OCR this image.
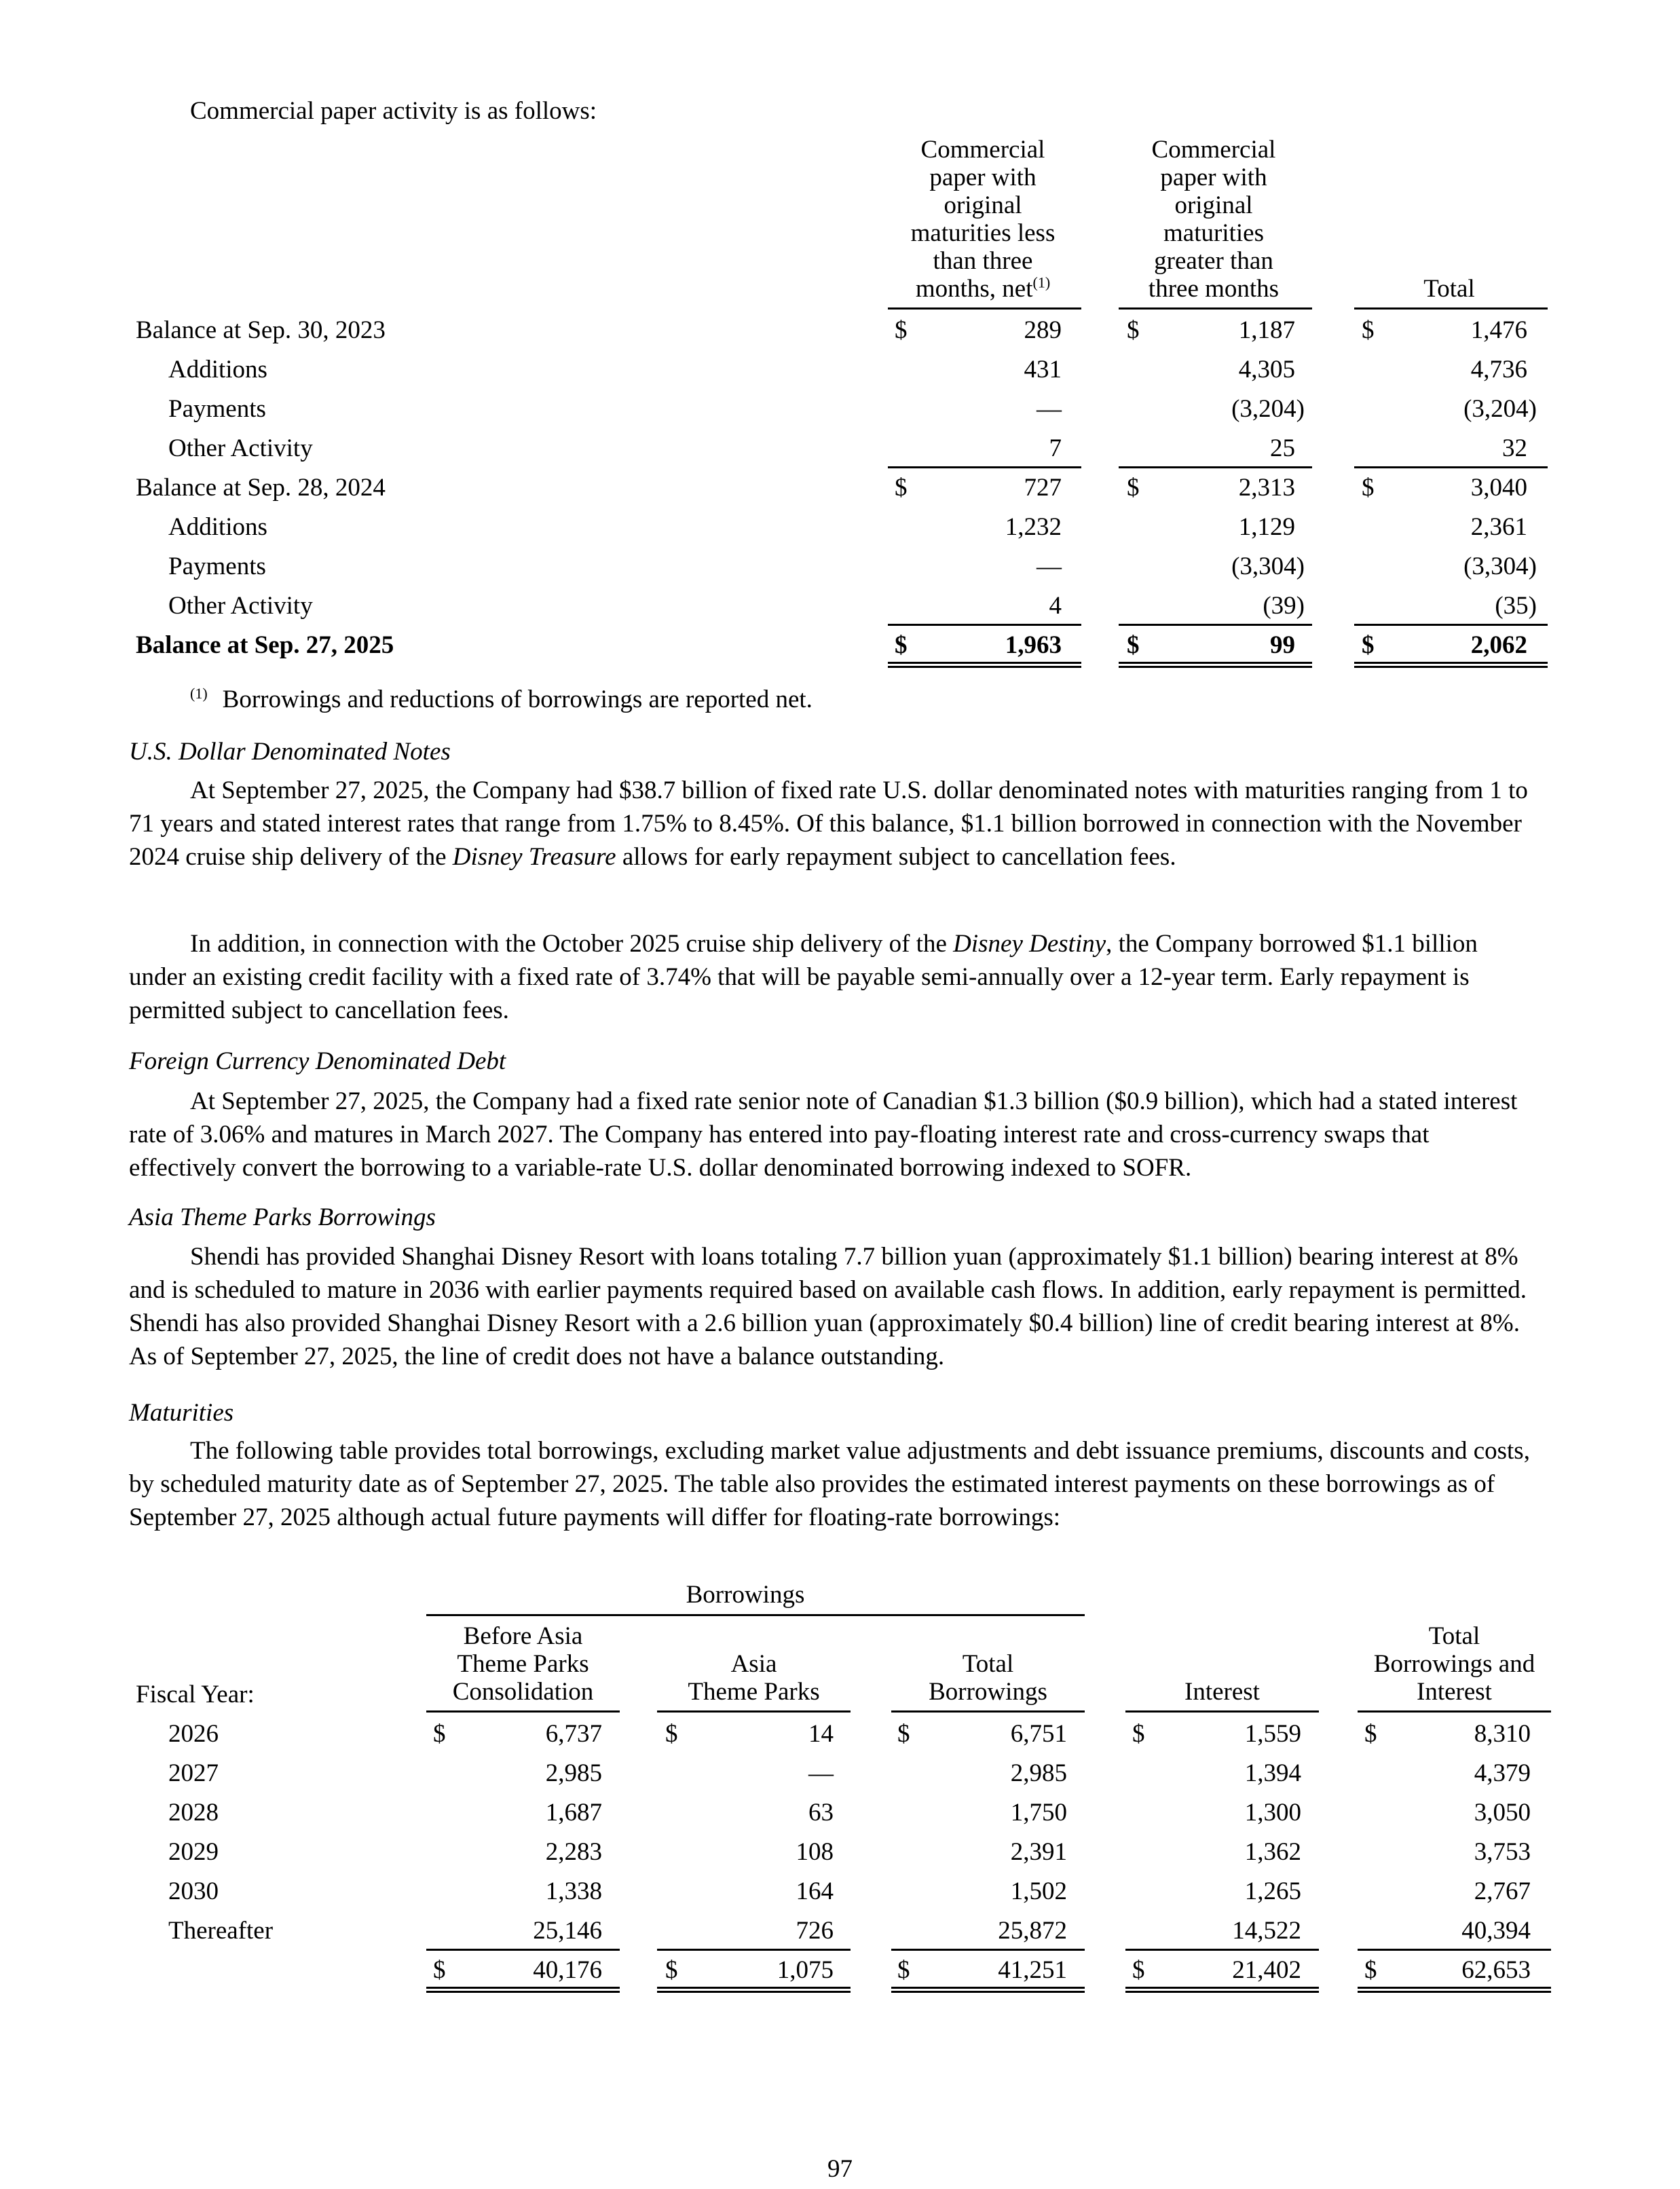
Commercial paper activity is as follows:
Commercial
paper with
original
maturities less
than three
months, net$^{(1)}$
Commercial
paper with
original
maturities
greater than
three months	Total
Balance at Sep. 30, 2023	$	289	$	1,187	$	1,476
Additions	431	4,305	4,736
Payments	—	(3,204)	(3,204)
Other Activity	7	25	32
Balance at Sep. 28, 2024	$	727	$	2,313	$	3,040
Additions	1,232	1,129	2,361
Payments	—	(3,304)	(3,304)
Other Activity	4	(39)	(35)
Balance at Sep. 27, 2025	$	1,963	$	99	$	2,062
$^{(1)}$ Borrowings and reductions of borrowings are reported net.
U.S. Dollar Denominated Notes
At September 27, 2025, the Company had $38.7 billion of fixed rate U.S. dollar denominated notes with maturities ranging from 1 to 71 years and stated interest rates that range from 1.75% to 8.45%. Of this balance, $1.1 billion borrowed in connection with the November 2024 cruise ship delivery of the Disney Treasure allows for early repayment subject to cancellation fees.
In addition, in connection with the October 2025 cruise ship delivery of the Disney Destiny, the Company borrowed $1.1 billion under an existing credit facility with a fixed rate of 3.74% that will be payable semi-annually over a 12-year term. Early repayment is permitted subject to cancellation fees.
Foreign Currency Denominated Debt
At September 27, 2025, the Company had a fixed rate senior note of Canadian $1.3 billion ($0.9 billion), which had a stated interest rate of 3.06% and matures in March 2027. The Company has entered into pay-floating interest rate and cross-currency swaps that effectively convert the borrowing to a variable-rate U.S. dollar denominated borrowing indexed to SOFR.
Asia Theme Parks Borrowings
Shendi has provided Shanghai Disney Resort with loans totaling 7.7 billion yuan (approximately $1.1 billion) bearing interest at 8% and is scheduled to mature in 2036 with earlier payments required based on available cash flows. In addition, early repayment is permitted. Shendi has also provided Shanghai Disney Resort with a 2.6 billion yuan (approximately $0.4 billion) line of credit bearing interest at 8%. As of September 27, 2025, the line of credit does not have a balance outstanding.
Maturities
The following table provides total borrowings, excluding market value adjustments and debt issuance premiums, discounts and costs, by scheduled maturity date as of September 27, 2025. The table also provides the estimated interest payments on these borrowings as of September 27, 2025 although actual future payments will differ for floating-rate borrowings:
Borrowings
Fiscal Year:
Before Asia
Theme Parks
Consolidation
Asia
Theme Parks
Total
Borrowings	Interest
Total
Borrowings and
Interest
2026	$	6,737	$	14	$	6,751	$	1,559	$	8,310
2027	2,985	—	2,985	1,394	4,379
2028	1,687	63	1,750	1,300	3,050
2029	2,283	108	2,391	1,362	3,753
2030	1,338	164	1,502	1,265	2,767
Thereafter	25,146	726	25,872	14,522	40,394
$	40,176	$	1,075	$	41,251	$	21,402	$	62,653
97
